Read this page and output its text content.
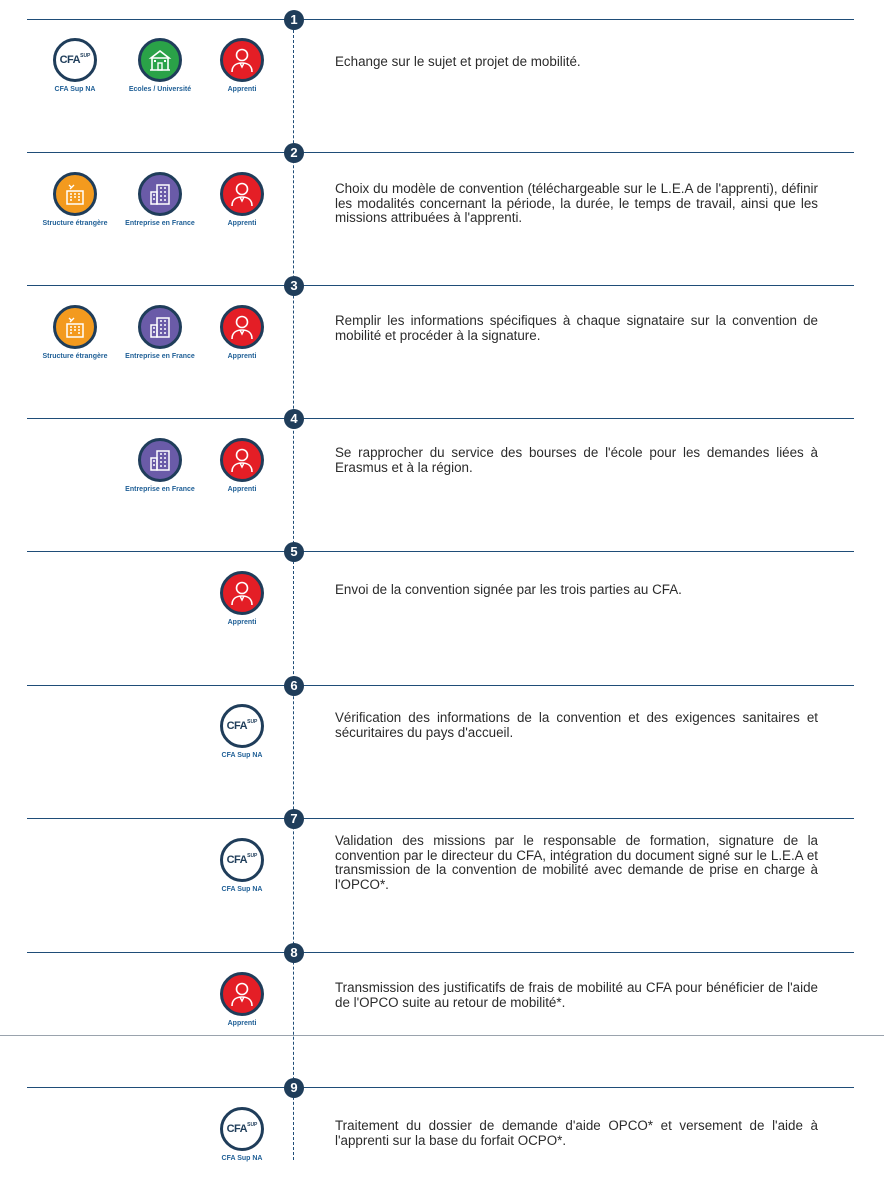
1
CFA SUP
CFA Sup NA	Ecoles / Université	Apprenti
Echange sur le sujet et projet de mobilité.
2
Structure étrangère	Entreprise en France	Apprenti
Choix du modèle de convention (téléchargeable sur le L.E.A de l'apprenti), définir les modalités concernant la période, la durée, le temps de travail, ainsi que les missions attribuées à l'apprenti.
3
Structure étrangère	Entreprise en France	Apprenti
Remplir les informations spécifiques à chaque signataire sur la convention de mobilité et procéder à la signature.
4
Entreprise en France	Apprenti
Se rapprocher du service des bourses de l'école pour les demandes liées à Erasmus et à la région.
5
Apprenti
Envoi de la convention signée par les trois parties au CFA.
6
CFA SUP
CFA Sup NA
Vérification des informations de la convention et des exigences sanitaires et sécuritaires du pays d'accueil.
7
CFA SUP
CFA Sup NA
Validation des missions par le responsable de formation, signature de la convention par le directeur du CFA, intégration du document signé sur le L.E.A et transmission de la convention de mobilité avec demande de prise en charge à l'OPCO*.
8
Apprenti
Transmission des justificatifs de frais de mobilité au CFA pour bénéficier de l'aide de l'OPCO suite au retour de mobilité*.
9
CFA SUP
CFA Sup NA
Traitement du dossier de demande d'aide OPCO* et versement de l'aide à l'apprenti sur la base du forfait OCPO*.
